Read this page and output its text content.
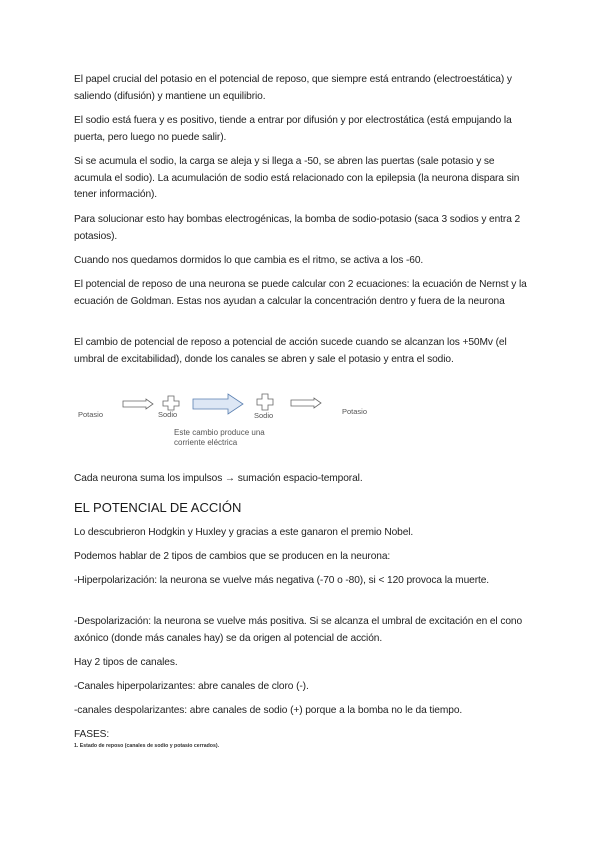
El papel crucial del potasio en el potencial de reposo, que siempre está entrando (electroestática) y saliendo (difusión) y mantiene un equilibrio.
El sodio está fuera y es positivo, tiende a entrar por difusión y por electrostática (está empujando la puerta, pero luego no puede salir).
Si se acumula el sodio, la carga se aleja y si llega a -50, se abren las puertas (sale potasio y se acumula el sodio). La acumulación de sodio está relacionado con la epilepsia (la neurona dispara sin tener información).
Para solucionar esto hay bombas electrogénicas, la bomba de sodio-potasio (saca 3 sodios y entra 2 potasios).
Cuando nos quedamos dormidos lo que cambia es el ritmo, se activa a los -60.
El potencial de reposo de una neurona se puede calcular con 2 ecuaciones: la ecuación de Nernst y la ecuación de Goldman. Estas nos ayudan a calcular la concentración dentro y fuera de la neurona
El cambio de potencial de reposo a potencial de acción sucede cuando se alcanzan los +50Mv (el umbral de excitabilidad), donde los canales se abren y sale el potasio y entra el sodio.
Potasio	Sodio	Sodio	Potasio
Este cambio produce una corriente eléctrica
Cada neurona suma los impulsos → sumación espacio-temporal.
EL POTENCIAL DE ACCIÓN
Lo descubrieron Hodgkin y Huxley y gracias a este ganaron el premio Nobel.
Podemos hablar de 2 tipos de cambios que se producen en la neurona:
-Hiperpolarización: la neurona se vuelve más negativa (-70 o -80), si < 120 provoca la muerte.
-Despolarización: la neurona se vuelve más positiva. Si se alcanza el umbral de excitación en el cono axónico (donde más canales hay) se da origen al potencial de acción.
Hay 2 tipos de canales.
-Canales hiperpolarizantes: abre canales de cloro (-).
-canales despolarizantes: abre canales de sodio (+) porque a la bomba no le da tiempo.
FASES:
1. Estado de reposo (canales de sodio y potasio cerrados).
